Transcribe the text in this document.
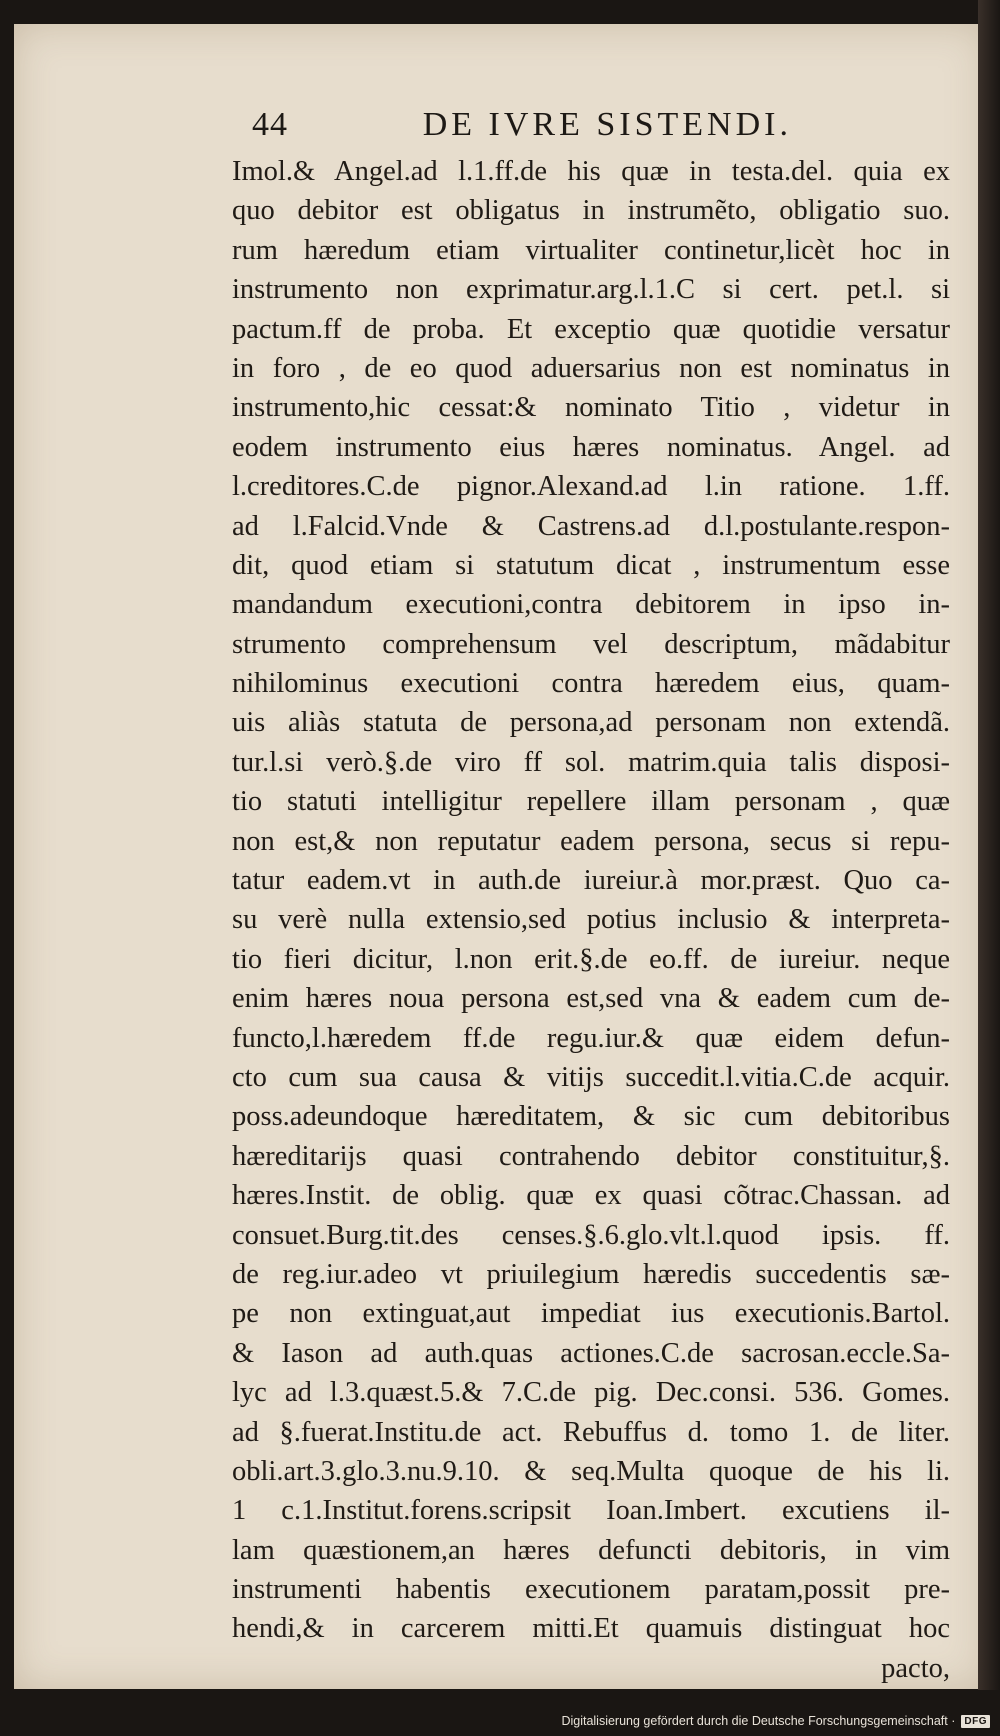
44	DE IVRE SISTENDI.
Imol.& Angel.ad l.1.ff.de his quæ in testa.del. quia ex
quo debitor est obligatus in instrumẽto, obligatio suo.
rum hæredum etiam virtualiter continetur,licèt hoc in
instrumento non exprimatur.arg.l.1.C si cert. pet.l. si
pactum.ff de proba. Et exceptio quæ quotidie versatur
in foro , de eo quod aduersarius non est nominatus in
instrumento,hic cessat:& nominato Titio , videtur in
eodem instrumento eius hæres nominatus. Angel. ad
l.creditores.C.de pignor.Alexand.ad l.in ratione. 1.ff.
ad l.Falcid.Vnde & Castrens.ad d.l.postulante.respon-
dit, quod etiam si statutum dicat , instrumentum esse
mandandum executioni,contra debitorem in ipso in-
strumento comprehensum vel descriptum, mãdabitur
nihilominus executioni contra hæredem eius, quam-
uis aliàs statuta de persona,ad personam non extendã.
tur.l.si verò.§.de viro ff sol. matrim.quia talis disposi-
tio statuti intelligitur repellere illam personam , quæ
non est,& non reputatur eadem persona, secus si repu-
tatur eadem.vt in auth.de iureiur.à mor.præst. Quo ca-
su verè nulla extensio,sed potius inclusio & interpreta-
tio fieri dicitur, l.non erit.§.de eo.ff. de iureiur. neque
enim hæres noua persona est,sed vna & eadem cum de-
functo,l.hæredem ff.de regu.iur.& quæ eidem defun-
cto cum sua causa & vitijs succedit.l.vitia.C.de acquir.
poss.adeundoque hæreditatem, & sic cum debitoribus
hæreditarijs quasi contrahendo debitor constituitur,§.
hæres.Instit. de oblig. quæ ex quasi cõtrac.Chassan. ad
consuet.Burg.tit.des censes.§.6.glo.vlt.l.quod ipsis. ff.
de reg.iur.adeo vt priuilegium hæredis succedentis sæ-
pe non extinguat,aut impediat ius executionis.Bartol.
& Iason ad auth.quas actiones.C.de sacrosan.eccle.Sa-
lyc ad l.3.quæst.5.& 7.C.de pig. Dec.consi. 536. Gomes.
ad §.fuerat.Institu.de act. Rebuffus d. tomo 1. de liter.
obli.art.3.glo.3.nu.9.10. & seq.Multa quoque de his li.
1 c.1.Institut.forens.scripsit Ioan.Imbert. excutiens il-
lam quæstionem,an hæres defuncti debitoris, in vim
instrumenti habentis executionem paratam,possit pre-
hendi,& in carcerem mitti.Et quamuis distinguat hoc
pacto,
Digitalisierung gefördert durch die Deutsche Forschungsgemeinschaft · DFG
